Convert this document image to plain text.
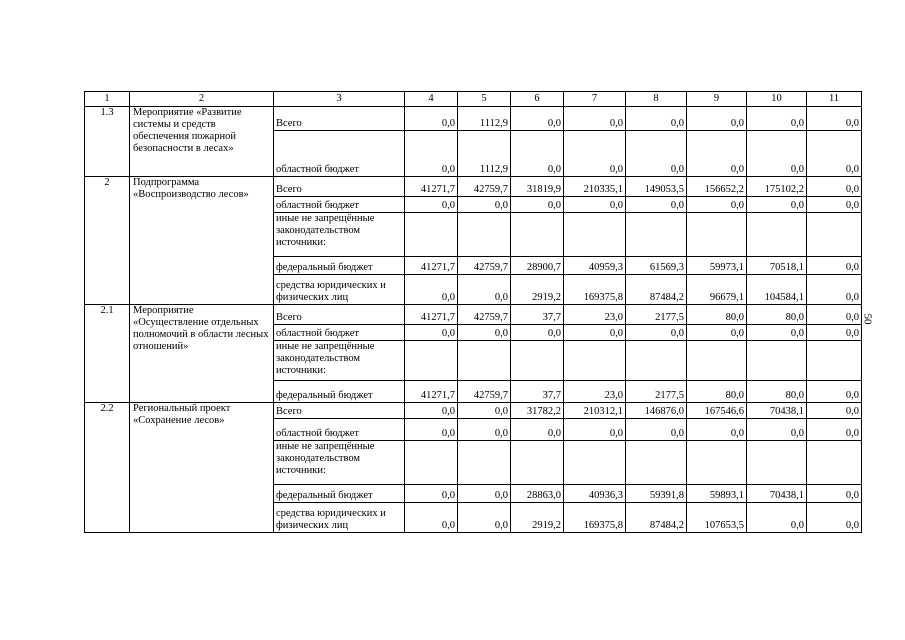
50
1	2	3	4	5	6	7	8	9	10	11
1.3	Мероприятие «Развитие системы и средств обеспечения пожарной безопасности в лесах»	Всего	0,0	1112,9	0,0	0,0	0,0	0,0	0,0	0,0
		областной бюджет	0,0	1112,9	0,0	0,0	0,0	0,0	0,0	0,0
2	Подпрограмма «Воспроизводство лесов»	Всего	41271,7	42759,7	31819,9	210335,1	149053,5	156652,2	175102,2	0,0
		областной бюджет	0,0	0,0	0,0	0,0	0,0	0,0	0,0	0,0
		иные не запрещённые законодательством источники:								
		федеральный бюджет	41271,7	42759,7	28900,7	40959,3	61569,3	59973,1	70518,1	0,0
		средства юридических и физических лиц	0,0	0,0	2919,2	169375,8	87484,2	96679,1	104584,1	0,0
2.1	Мероприятие «Осуществление отдельных полномочий в области лесных отношений»	Всего	41271,7	42759,7	37,7	23,0	2177,5	80,0	80,0	0,0
		областной бюджет	0,0	0,0	0,0	0,0	0,0	0,0	0,0	0,0
		иные не запрещённые законодательством источники:								
		федеральный бюджет	41271,7	42759,7	37,7	23,0	2177,5	80,0	80,0	0,0
2.2	Региональный проект «Сохранение лесов»	Всего	0,0	0,0	31782,2	210312,1	146876,0	167546,6	70438,1	0,0
		областной бюджет	0,0	0,0	0,0	0,0	0,0	0,0	0,0	0,0
		иные не запрещённые законодательством источники:								
		федеральный бюджет	0,0	0,0	28863,0	40936,3	59391,8	59893,1	70438,1	0,0
		средства юридических и физических лиц	0,0	0,0	2919,2	169375,8	87484,2	107653,5	0,0	0,0
